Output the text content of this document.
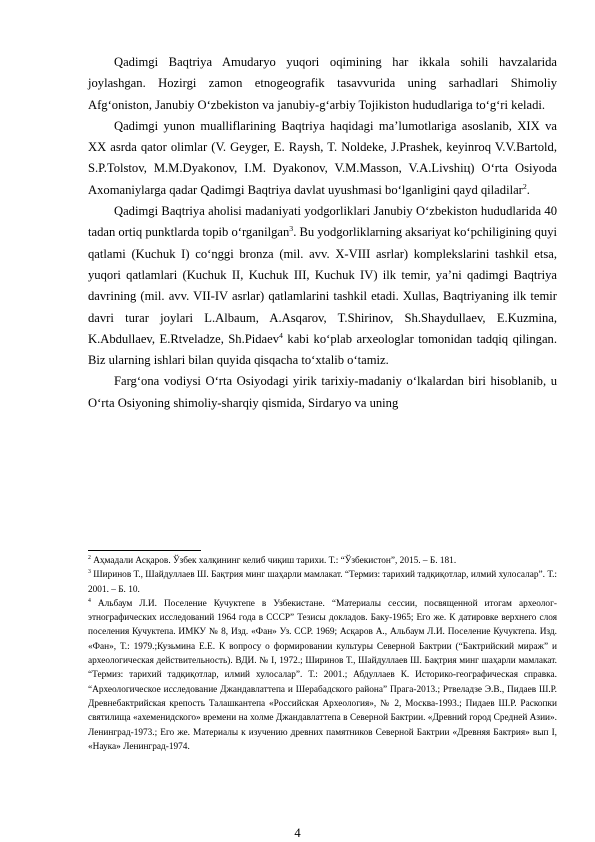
Qadimgi Baqtriya Amudaryo yuqori oqimining har ikkala sohili havzalarida joylashgan. Hozirgi zamon etnogeografik tasavvurida uning sarhadlari Shimoliy Afg‘oniston, Janubiy O‘zbekiston va janubiy-g‘arbiy Tojikiston hududlariga to‘g‘ri keladi.

Qadimgi yunon mualliflarining Baqtriya haqidagi ma’lumotlariga asoslanib, XIX va XX asrda qator olimlar (V. Geyger, E. Raysh, T. Noldeke, J.Prashek, keyinroq V.V.Bartold, S.P.Tolstov, M.M.Dyakonov, I.M. Dyakonov, V.M.Masson, V.A.Livshiц) O‘rta Osiyoda Axomaniylarga qadar Qadimgi Baqtriya davlat uyushmasi bo‘lganligini qayd qiladilar$^2$.

Qadimgi Baqtriya aholisi madaniyati yodgorliklari Janubiy O‘zbekiston hududlarida 40 tadan ortiq punktlarda topib o‘rganilgan$^3$. Bu yodgorliklarning aksariyat ko‘pchiligining quyi qatlami (Kuchuk I) co‘nggi bronza (mil. avv. X-VIII asrlar) komplekslarini tashkil etsa, yuqori qatlamlari (Kuchuk II, Kuchuk III, Kuchuk IV) ilk temir, ya’ni qadimgi Baqtriya davrining (mil. avv. VII-IV asrlar) qatlamlarini tashkil etadi. Xullas, Baqtriyaning ilk temir davri turar joylari L.Albaum, A.Asqarov, T.Shirinov, Sh.Shaydullaev, E.Kuzmina, K.Abdullaev, E.Rtveladze, Sh.Pidaev$^4$ kabi ko‘plab arxeologlar tomonidan tadqiq qilingan. Biz ularning ishlari bilan quyida qisqacha to‘xtalib o‘tamiz.

Farg‘ona vodiysi O‘rta Osiyodagi yirik tarixiy-madaniy o‘lkalardan biri hisoblanib, u O‘rta Osiyoning shimoliy-sharqiy qismida, Sirdaryo va uning

$^2$ Аҳмадали Асқаров. Ўзбек халқининг келиб чиқиш тарихи. Т.: “Ўзбекистон”, 2015. – Б. 181.

$^3$ Ширинов Т., Шайдуллаев Ш. Бақтрия минг шаҳарли мамлакат. “Термиз: тарихий тадқиқотлар, илмий хулосалар”. Т.: 2001. – Б. 10.

$^4$ Альбаум Л.И. Поселение Кучуктепе в Узбекистане. “Материалы сессии, посвященной итогам археолог-этнографических исследований 1964 года в СССР” Тезисы докладов. Баку-1965; Его же. К датировке верхнего слоя поселения Кучуктепа. ИМКУ № 8, Изд. «Фан» Уз. ССР. 1969; Асқаров А., Альбаум Л.И. Поселение Кучуктепа. Изд. «Фан», Т.: 1979.;Кузьмина Е.Е. К вопросу о формировании культуры Северной Бактрии (“Бактрийский мираж” и археологическая действительность). ВДИ. № I, 1972.; Ширинов Т., Шайдуллаев Ш. Бақтрия минг шаҳарли мамлакат. “Термиз: тарихий тадқиқотлар, илмий хулосалар”. Т.: 2001.; Абдуллаев К. Историко-географическая справка. “Археологическое исследование Джандавлаттепа и Шерабадского района” Прага-2013.; Ртвеладзе Э.В., Пидаев Ш.Р. Древнебактрийская крепость Талашкантепа «Российская Археология», № 2, Москва-1993.; Пидаев Ш.Р. Раскопки святилища «ахеменидского» времени на холме Джандавлаттепа в Северной Бактрии. «Древний город Средней Азии». Ленинград-1973.; Его же. Материалы к изучению древних памятников Северной Бактрии «Древняя Бактрия» вып I, «Наука» Ленинград-1974.

4
